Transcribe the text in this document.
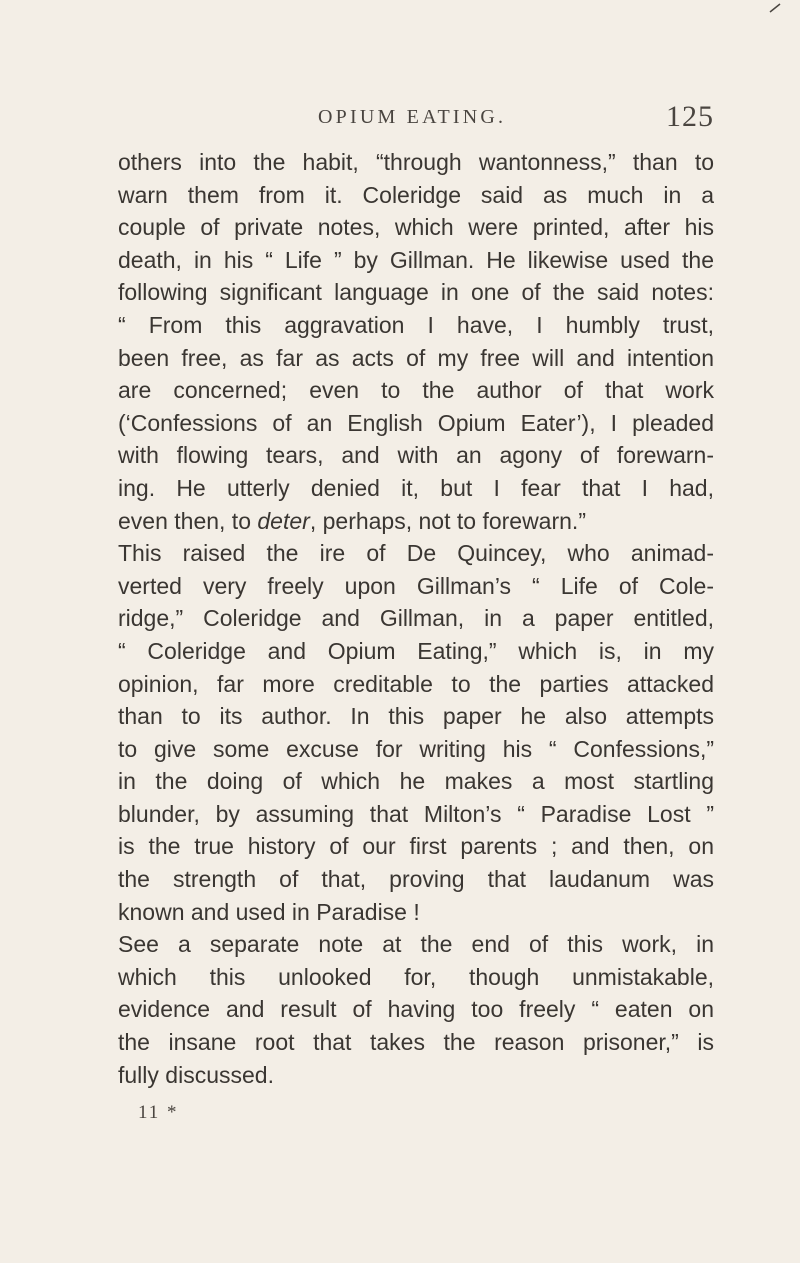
OPIUM EATING.	125
others into the habit, “through wantonness,” than to
warn them from it. Coleridge said as much in a
couple of private notes, which were printed, after his
death, in his “ Life ” by Gillman. He likewise used the
following significant language in one of the said notes:
“ From this aggravation I have, I humbly trust,
been free, as far as acts of my free will and intention
are concerned; even to the author of that work
(‘Confessions of an English Opium Eater’), I pleaded
with flowing tears, and with an agony of forewarn-
ing. He utterly denied it, but I fear that I had,
even then, to deter, perhaps, not to forewarn.”
This raised the ire of De Quincey, who animad-
verted very freely upon Gillman’s “ Life of Cole-
ridge,” Coleridge and Gillman, in a paper entitled,
“ Coleridge and Opium Eating,” which is, in my
opinion, far more creditable to the parties attacked
than to its author. In this paper he also attempts
to give some excuse for writing his “ Confessions,”
in the doing of which he makes a most startling
blunder, by assuming that Milton’s “ Paradise Lost ”
is the true history of our first parents ; and then, on
the strength of that, proving that laudanum was
known and used in Paradise !
See a separate note at the end of this work, in
which this unlooked for, though unmistakable,
evidence and result of having too freely “ eaten on
the insane root that takes the reason prisoner,” is
fully discussed.
11 *
